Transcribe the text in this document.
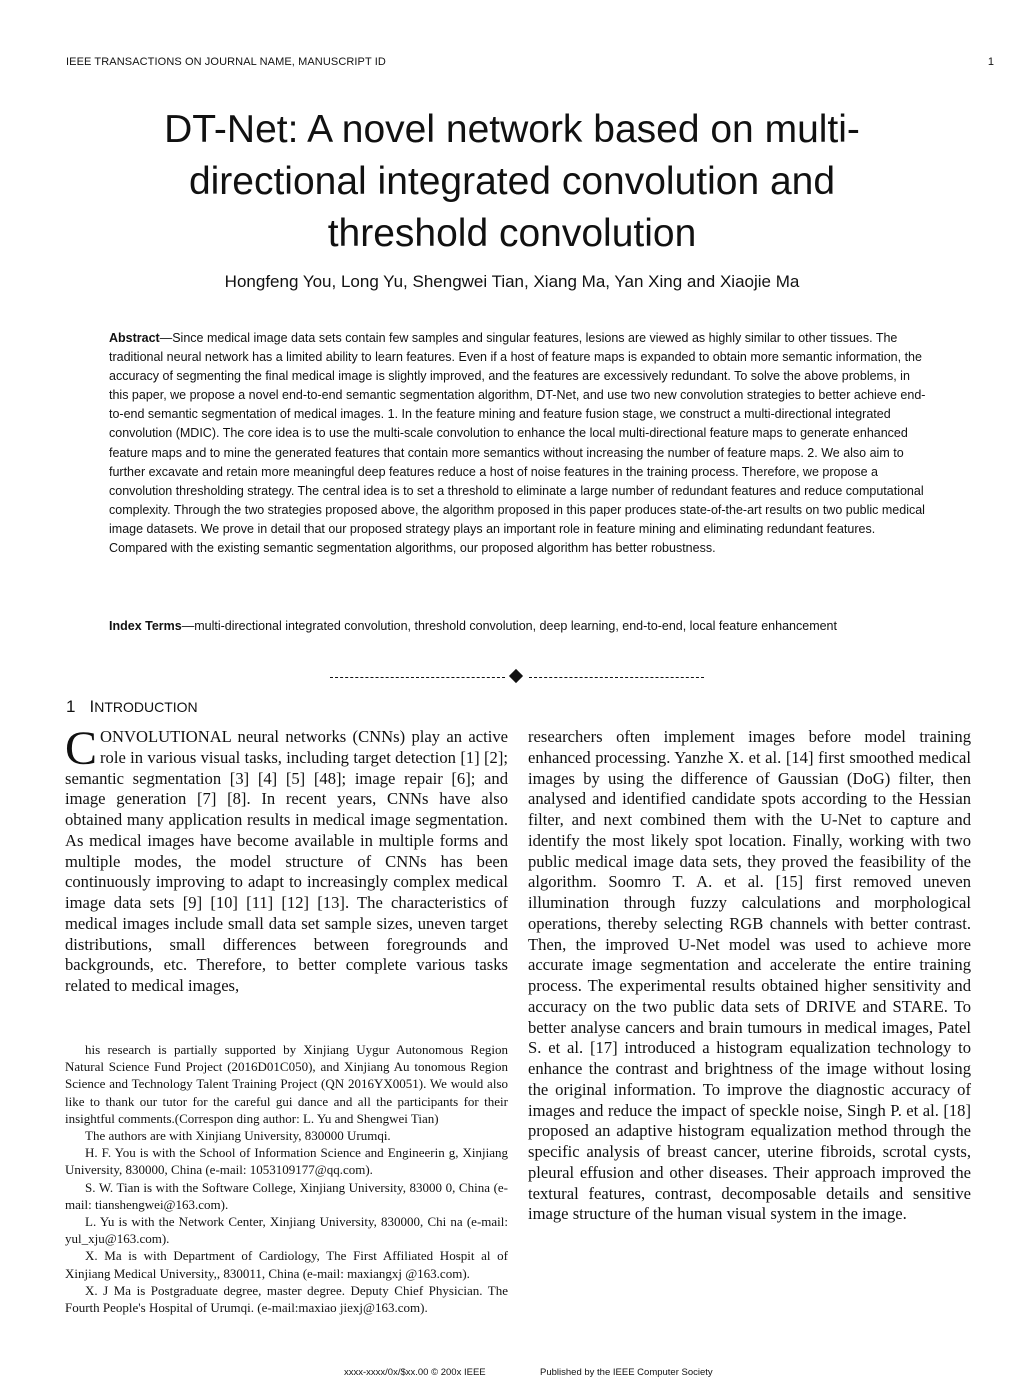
IEEE TRANSACTIONS ON JOURNAL NAME, MANUSCRIPT ID	1
DT-Net: A novel network based on multi-
directional integrated convolution and
threshold convolution
Hongfeng You, Long Yu, Shengwei Tian, Xiang Ma, Yan Xing and Xiaojie Ma

Abstract—Since medical image data sets contain few samples and singular features, lesions are viewed as highly similar to other tissues. The traditional neural network has a limited ability to learn features. Even if a host of feature maps is expanded to obtain more semantic information, the accuracy of segmenting the final medical image is slightly improved, and the features are excessively redundant. To solve the above problems, in this paper, we propose a novel end-to-end semantic segmentation algorithm, DT-Net, and use two new convolution strategies to better achieve end-to-end semantic segmentation of medical images. 1. In the feature mining and feature fusion stage, we construct a multi-directional integrated convolution (MDIC). The core idea is to use the multi-scale convolution to enhance the local multi-directional feature maps to generate enhanced feature maps and to mine the generated features that contain more semantics without increasing the number of feature maps. 2. We also aim to further excavate and retain more meaningful deep features reduce a host of noise features in the training process. Therefore, we propose a convolution thresholding strategy. The central idea is to set a threshold to eliminate a large number of redundant features and reduce computational complexity. Through the two strategies proposed above, the algorithm proposed in this paper produces state-of-the-art results on two public medical image datasets. We prove in detail that our proposed strategy plays an important role in feature mining and eliminating redundant features. Compared with the existing semantic segmentation algorithms, our proposed algorithm has better robustness.

Index Terms—multi-directional integrated convolution, threshold convolution, deep learning, end-to-end, local feature enhancement

1 INTRODUCTION

CONVOLUTIONAL neural networks (CNNs) play an active role in various visual tasks, including target detection [1] [2]; semantic segmentation [3] [4] [5] [48]; image repair [6]; and image generation [7] [8]. In recent years, CNNs have also obtained many application results in medical image segmentation. As medical images have become available in multiple forms and multiple modes, the model structure of CNNs has been continuously improving to adapt to increasingly complex medical image data sets [9] [10] [11] [12] [13]. The characteristics of medical images include small data set sample sizes, uneven target distributions, small differences between foregrounds and backgrounds, etc. Therefore, to better complete various tasks related to medical images,

researchers often implement images before model training enhanced processing. Yanzhe X. et al. [14] first smoothed medical images by using the difference of Gaussian (DoG) filter, then analysed and identified candidate spots according to the Hessian filter, and next combined them with the U-Net to capture and identify the most likely spot location. Finally, working with two public medical image data sets, they proved the feasibility of the algorithm. Soomro T. A. et al. [15] first removed uneven illumination through fuzzy calculations and morphological operations, thereby selecting RGB channels with better contrast. Then, the improved U-Net model was used to achieve more accurate image segmentation and accelerate the entire training process. The experimental results obtained higher sensitivity and accuracy on the two public data sets of DRIVE and STARE. To better analyse cancers and brain tumours in medical images, Patel S. et al. [17] introduced a histogram equalization technology to enhance the contrast and brightness of the image without losing the original information. To improve the diagnostic accuracy of images and reduce the impact of speckle noise, Singh P. et al. [18] proposed an adaptive histogram equalization method through the specific analysis of breast cancer, uterine fibroids, scrotal cysts, pleural effusion and other diseases. Their approach improved the textural features, contrast, decomposable details and sensitive image structure of the human visual system in the image.

his research is partially supported by Xinjiang Uygur Autonomous Region Natural Science Fund Project (2016D01C050), and Xinjiang Au tonomous Region Science and Technology Talent Training Project (QN 2016YX0051). We would also like to thank our tutor for the careful gui dance and all the participants for their insightful comments.(Correspon ding author: L. Yu and Shengwei Tian)

The authors are with Xinjiang University, 830000 Urumqi.

H. F. You is with the School of Information Science and Engineerin g, Xinjiang University, 830000, China (e-mail: 1053109177@qq.com).

S. W. Tian is with the Software College, Xinjiang University, 83000 0, China (e-mail: tianshengwei@163.com).

L. Yu is with the Network Center, Xinjiang University, 830000, Chi na (e-mail: yul_xju@163.com).

X. Ma is with Department of Cardiology, The First Affiliated Hospit al of Xinjiang Medical University,, 830011, China (e-mail: maxiangxj @163.com).

X. J Ma is Postgraduate degree, master degree. Deputy Chief Physician. The Fourth People's Hospital of Urumqi. (e-mail:maxiao jiexj@163.com).

xxxx-xxxx/0x/$xx.00 © 200x IEEE	Published by the IEEE Computer Society
